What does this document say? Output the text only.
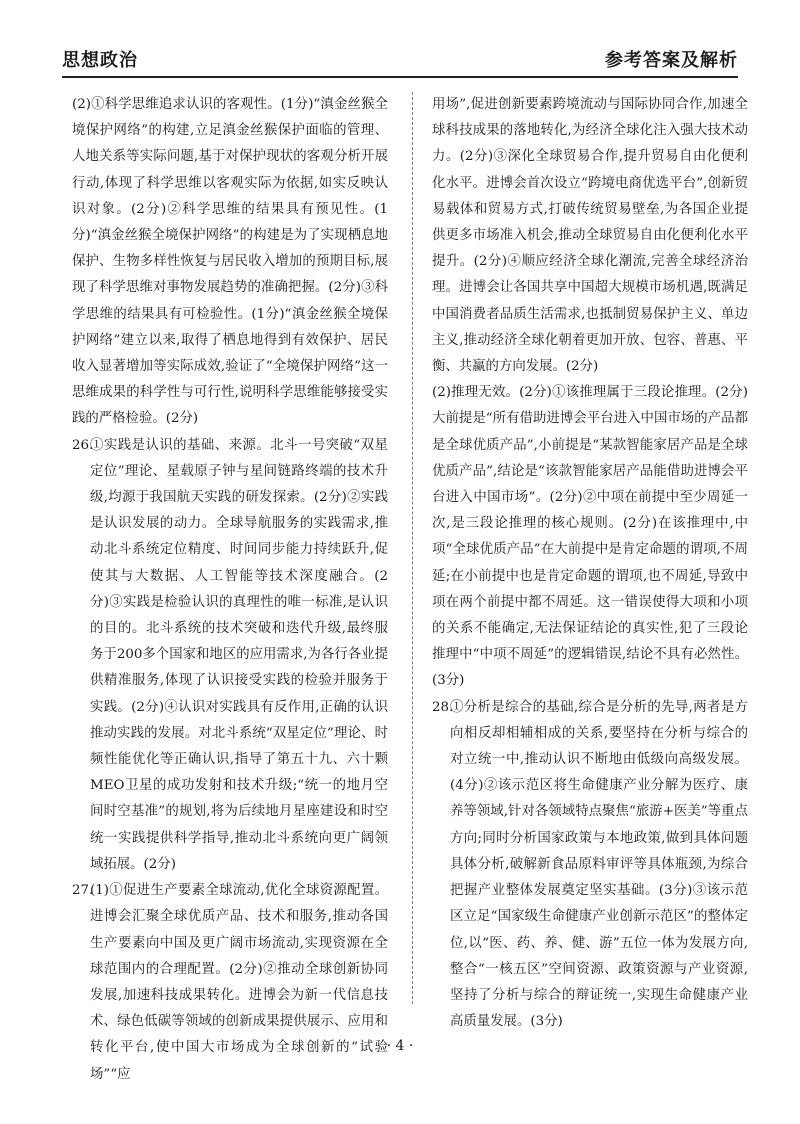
思想政治	参考答案及解析

(2)①科学思维追求认识的客观性。(1分)“滇金丝猴全境保护网络”的构建,立足滇金丝猴保护面临的管理、人地关系等实际问题,基于对保护现状的客观分析开展行动,体现了科学思维以客观实际为依据,如实反映认识对象。(2分)②科学思维的结果具有预见性。(1分)“滇金丝猴全境保护网络”的构建是为了实现栖息地保护、生物多样性恢复与居民收入增加的预期目标,展现了科学思维对事物发展趋势的准确把握。(2分)③科学思维的结果具有可检验性。(1分)“滇金丝猴全境保护网络”建立以来,取得了栖息地得到有效保护、居民收入显著增加等实际成效,验证了“全境保护网络”这一思维成果的科学性与可行性,说明科学思维能够接受实践的严格检验。(2分)

26.
①实践是认识的基础、来源。北斗一号突破“双星定位”理论、星载原子钟与星间链路终端的技术升级,均源于我国航天实践的研发探索。(2分)②实践是认识发展的动力。全球导航服务的实践需求,推动北斗系统定位精度、时间同步能力持续跃升,促使其与大数据、人工智能等技术深度融合。(2分)③实践是检验认识的真理性的唯一标准,是认识的目的。北斗系统的技术突破和迭代升级,最终服务于200多个国家和地区的应用需求,为各行各业提供精准服务,体现了认识接受实践的检验并服务于实践。(2分)④认识对实践具有反作用,正确的认识推动实践的发展。对北斗系统“双星定位”理论、时频性能优化等正确认识,指导了第五十九、六十颗MEO卫星的成功发射和技术升级;“统一的地月空间时空基准”的规划,将为后续地月星座建设和时空统一实践提供科学指导,推动北斗系统向更广阔领域拓展。(2分)
27.
(1)①促进生产要素全球流动,优化全球资源配置。进博会汇聚全球优质产品、技术和服务,推动各国生产要素向中国及更广阔市场流动,实现资源在全球范围内的合理配置。(2分)②推动全球创新协同发展,加速科技成果转化。进博会为新一代信息技术、绿色低碳等领域的创新成果提供展示、应用和转化平台,使中国大市场成为全球创新的“试验场”“应

用场”,促进创新要素跨境流动与国际协同合作,加速全球科技成果的落地转化,为经济全球化注入强大技术动力。(2分)③深化全球贸易合作,提升贸易自由化便利化水平。进博会首次设立“跨境电商优选平台”,创新贸易载体和贸易方式,打破传统贸易壁垒,为各国企业提供更多市场准入机会,推动全球贸易自由化便利化水平提升。(2分)④顺应经济全球化潮流,完善全球经济治理。进博会让各国共享中国超大规模市场机遇,既满足中国消费者品质生活需求,也抵制贸易保护主义、单边主义,推动经济全球化朝着更加开放、包容、普惠、平衡、共赢的方向发展。(2分)

(2)推理无效。(2分)①该推理属于三段论推理。(2分)大前提是“所有借助进博会平台进入中国市场的产品都是全球优质产品”,小前提是“某款智能家居产品是全球优质产品”,结论是“该款智能家居产品能借助进博会平台进入中国市场”。(2分)②中项在前提中至少周延一次,是三段论推理的核心规则。(2分)在该推理中,中项“全球优质产品”在大前提中是肯定命题的谓项,不周延;在小前提中也是肯定命题的谓项,也不周延,导致中项在两个前提中都不周延。这一错误使得大项和小项的关系不能确定,无法保证结论的真实性,犯了三段论推理中“中项不周延”的逻辑错误,结论不具有必然性。(3分)

28.
①分析是综合的基础,综合是分析的先导,两者是方向相反却相辅相成的关系,要坚持在分析与综合的对立统一中,推动认识不断地由低级向高级发展。(4分)②该示范区将生命健康产业分解为医疗、康养等领域,针对各领域特点聚焦“旅游+医美”等重点方向;同时分析国家政策与本地政策,做到具体问题具体分析,破解新食品原料审评等具体瓶颈,为综合把握产业整体发展奠定坚实基础。(3分)③该示范区立足“国家级生命健康产业创新示范区”的整体定位,以“医、药、养、健、游”五位一体为发展方向,整合“一核五区”空间资源、政策资源与产业资源,坚持了分析与综合的辩证统一,实现生命健康产业高质量发展。(3分)
· 4 ·
